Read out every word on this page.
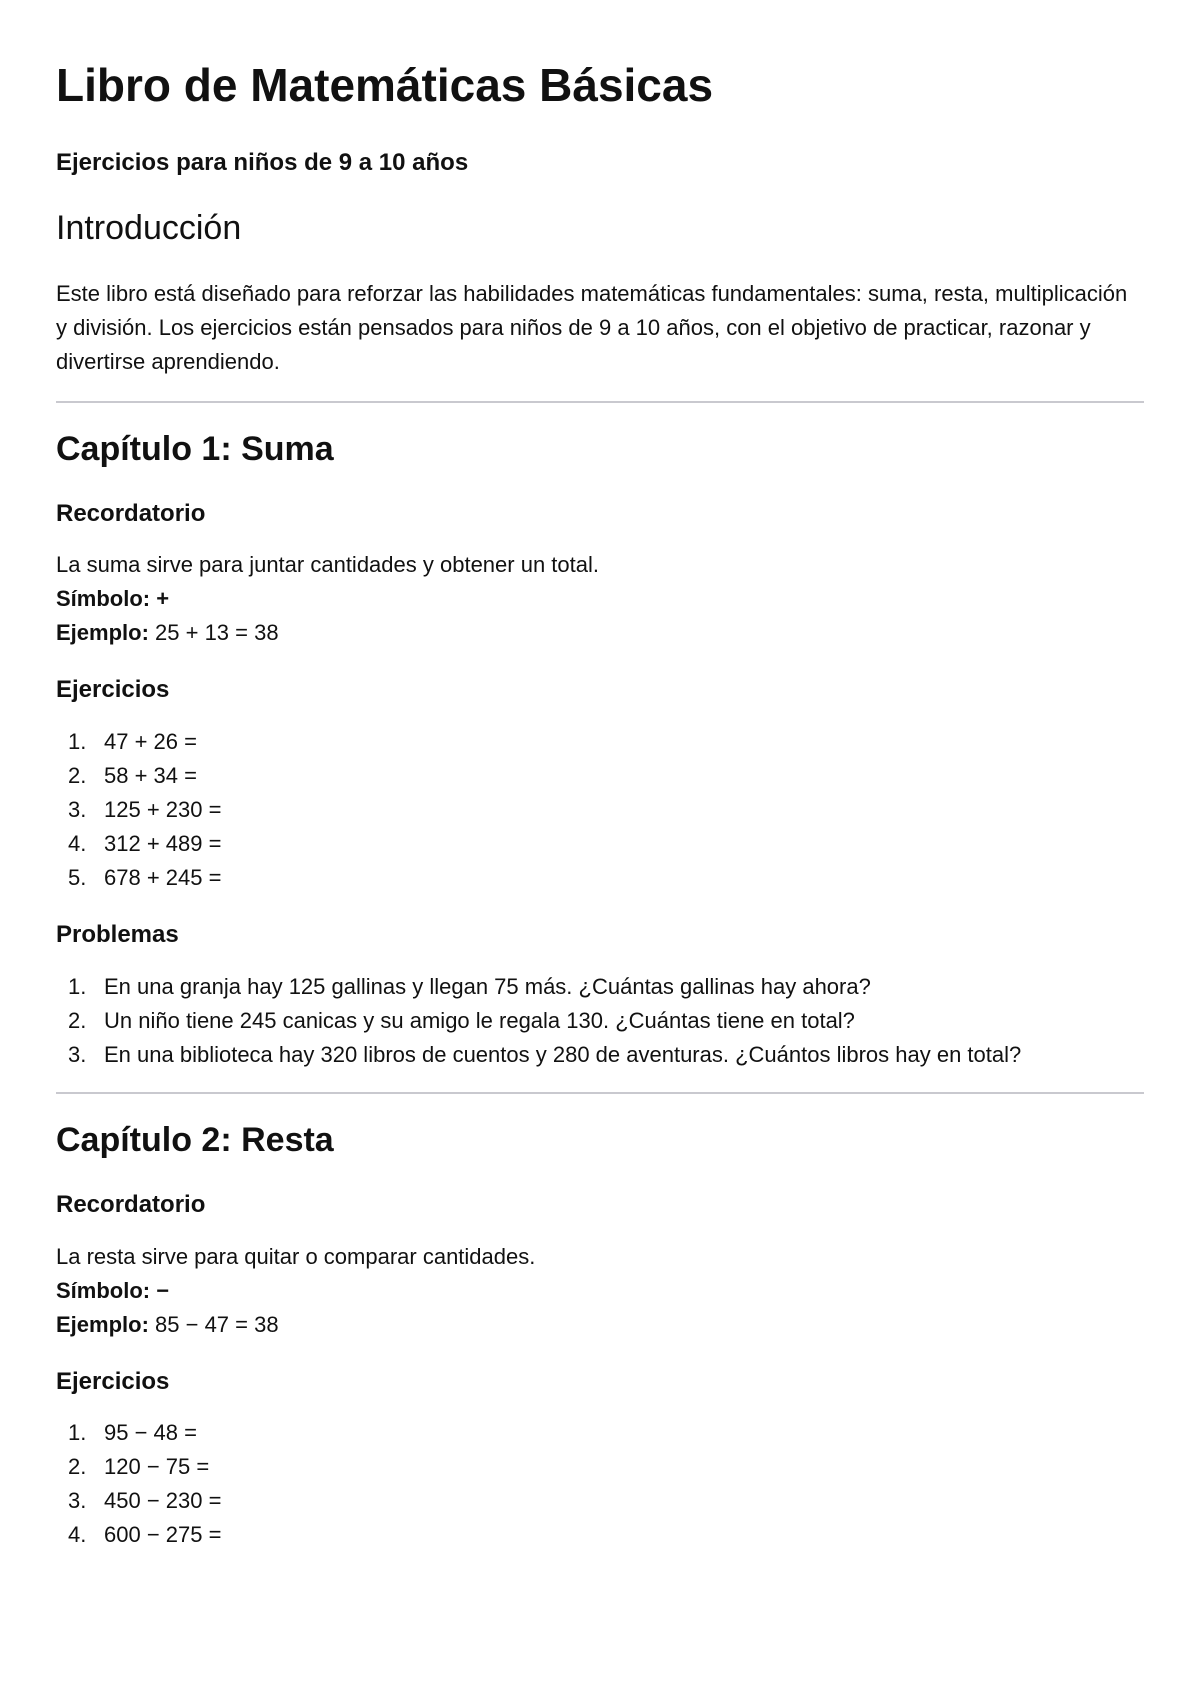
Libro de Matemáticas Básicas
Ejercicios para niños de 9 a 10 años
Introducción

Este libro está diseñado para reforzar las habilidades matemáticas fundamentales: suma, resta, multiplicación y división. Los ejercicios están pensados para niños de 9 a 10 años, con el objetivo de practicar, razonar y divertirse aprendiendo.

Capítulo 1: Suma
Recordatorio

La suma sirve para juntar cantidades y obtener un total.

Símbolo: +

Ejemplo: 25 + 13 = 38

Ejercicios
1. 47 + 26 =
2. 58 + 34 =
3. 125 + 230 =
4. 312 + 489 =
5. 678 + 245 =
Problemas
1. En una granja hay 125 gallinas y llegan 75 más. ¿Cuántas gallinas hay ahora?
2. Un niño tiene 245 canicas y su amigo le regala 130. ¿Cuántas tiene en total?
3. En una biblioteca hay 320 libros de cuentos y 280 de aventuras. ¿Cuántos libros hay en total?
Capítulo 2: Resta
Recordatorio

La resta sirve para quitar o comparar cantidades.

Símbolo: −

Ejemplo: 85 − 47 = 38

Ejercicios
1. 95 − 48 =
2. 120 − 75 =
3. 450 − 230 =
4. 600 − 275 =
